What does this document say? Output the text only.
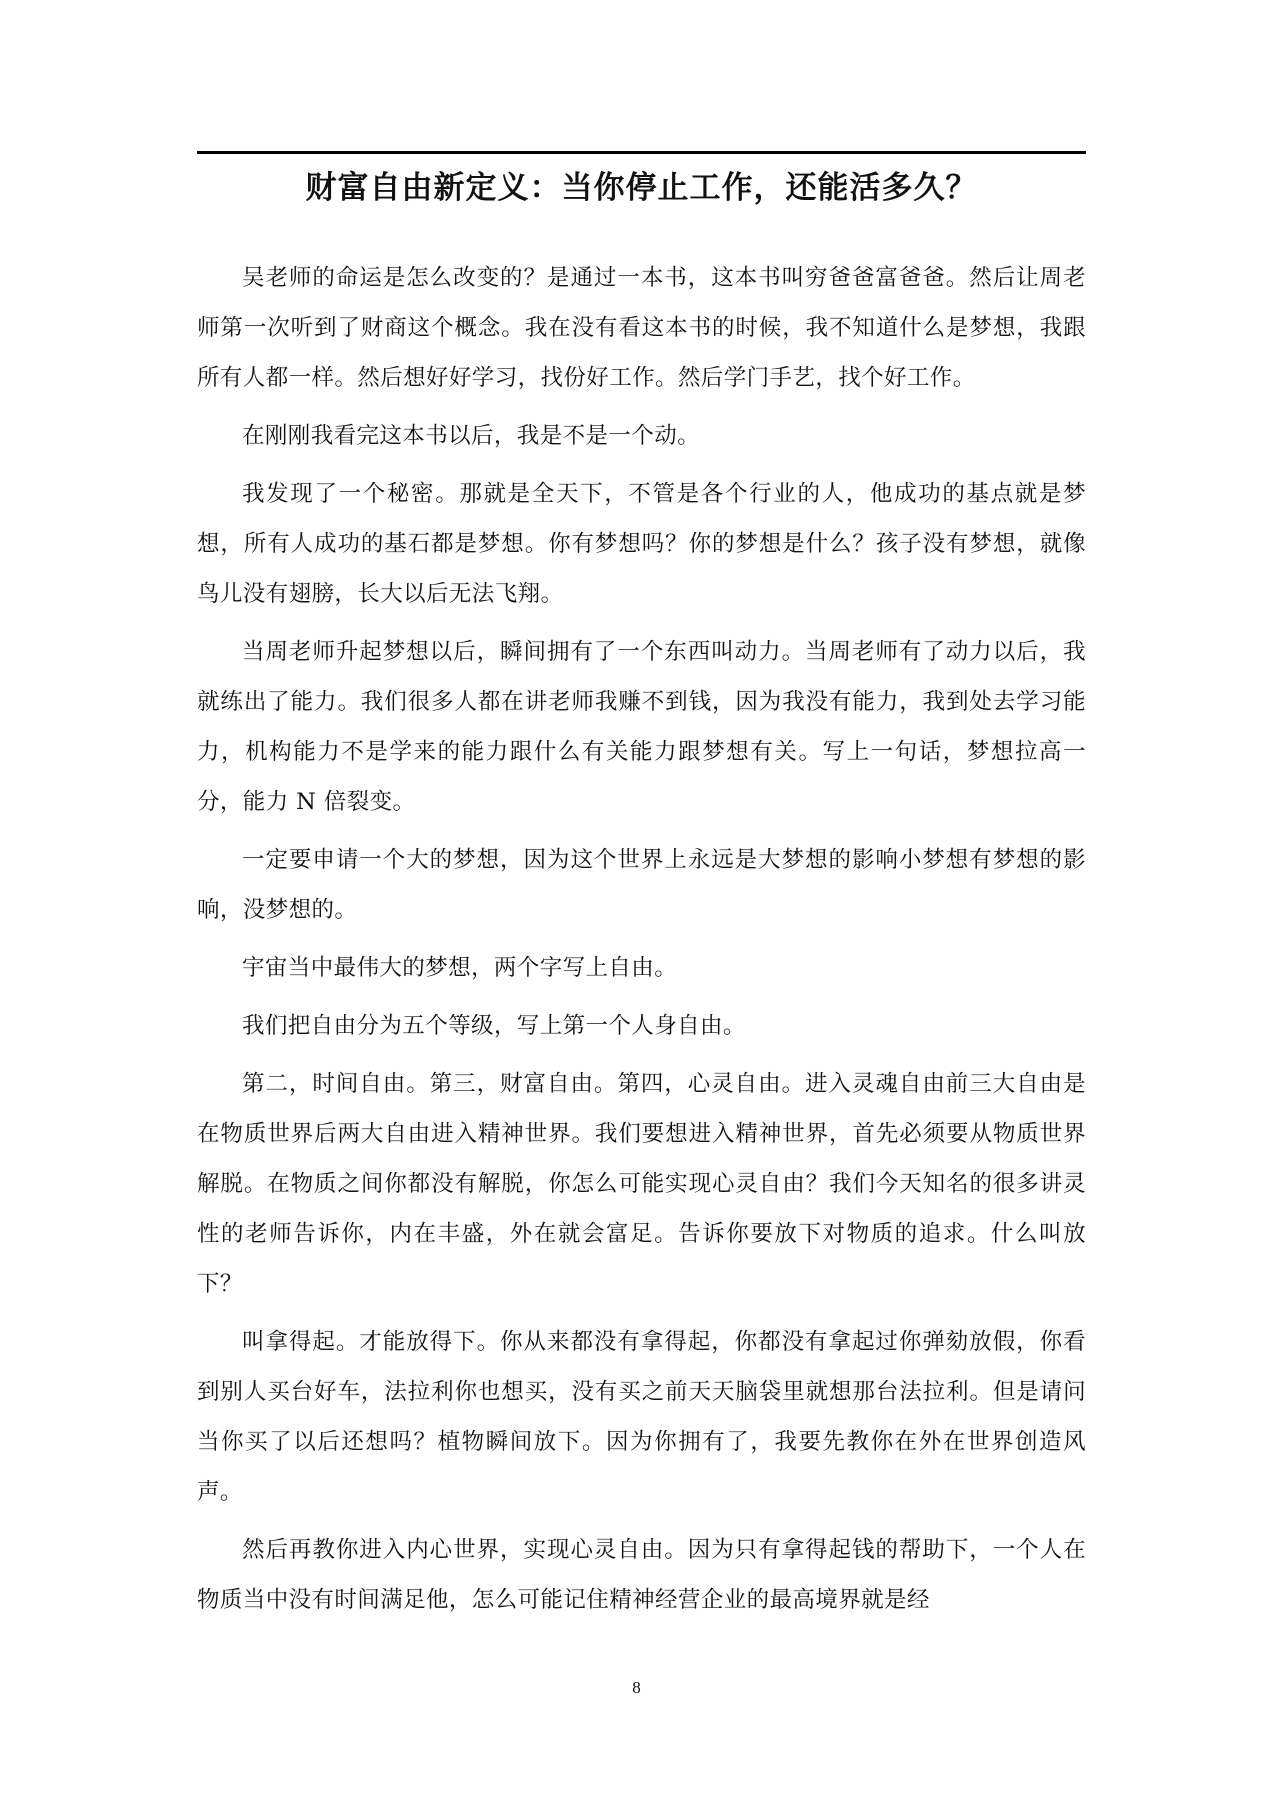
财富自由新定义：当你停止工作，还能活多久？

吴老师的命运是怎么改变的？是通过一本书，这本书叫穷爸爸富爸爸。然后让周老师第一次听到了财商这个概念。我在没有看这本书的时候，我不知道什么是梦想，我跟所有人都一样。然后想好好学习，找份好工作。然后学门手艺，找个好工作。

在刚刚我看完这本书以后，我是不是一个动。

我发现了一个秘密。那就是全天下，不管是各个行业的人，他成功的基点就是梦想，所有人成功的基石都是梦想。你有梦想吗？你的梦想是什么？孩子没有梦想，就像鸟儿没有翅膀，长大以后无法飞翔。

当周老师升起梦想以后，瞬间拥有了一个东西叫动力。当周老师有了动力以后，我就练出了能力。我们很多人都在讲老师我赚不到钱，因为我没有能力，我到处去学习能力，机构能力不是学来的能力跟什么有关能力跟梦想有关。写上一句话，梦想拉高一分，能力 N 倍裂变。

一定要申请一个大的梦想，因为这个世界上永远是大梦想的影响小梦想有梦想的影响，没梦想的。

宇宙当中最伟大的梦想，两个字写上自由。

我们把自由分为五个等级，写上第一个人身自由。

第二，时间自由。第三，财富自由。第四，心灵自由。进入灵魂自由前三大自由是在物质世界后两大自由进入精神世界。我们要想进入精神世界，首先必须要从物质世界解脱。在物质之间你都没有解脱，你怎么可能实现心灵自由？我们今天知名的很多讲灵性的老师告诉你，内在丰盛，外在就会富足。告诉你要放下对物质的追求。什么叫放下？

叫拿得起。才能放得下。你从来都没有拿得起，你都没有拿起过你弹劾放假，你看到别人买台好车，法拉利你也想买，没有买之前天天脑袋里就想那台法拉利。但是请问当你买了以后还想吗？植物瞬间放下。因为你拥有了，我要先教你在外在世界创造风声。

然后再教你进入内心世界，实现心灵自由。因为只有拿得起钱的帮助下，一个人在物质当中没有时间满足他，怎么可能记住精神经营企业的最高境界就是经

8
